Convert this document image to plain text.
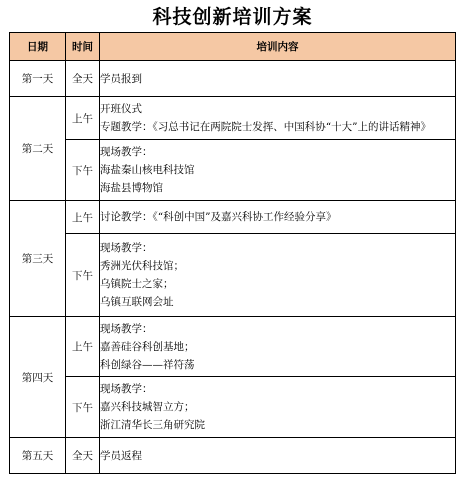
科技创新培训方案
日期	时间	培训内容
第一天	全天	学员报到

第二天	上午	开班仪式
专题教学：《习总书记在两院院士发挥、中国科协“十大”上的讲话精神》

	下午	现场教学：
海盐秦山核电科技馆
海盐县博物馆

第三天	上午	讨论教学：《“科创中国”及嘉兴科协工作经验分享》

	下午	现场教学：
秀洲光伏科技馆；
乌镇院士之家；
乌镇互联网会址

第四天	上午	现场教学：
嘉善硅谷科创基地；
科创绿谷——祥符荡

	下午	现场教学：
嘉兴科技城智立方；
浙江清华长三角研究院

第五天	全天	学员返程
